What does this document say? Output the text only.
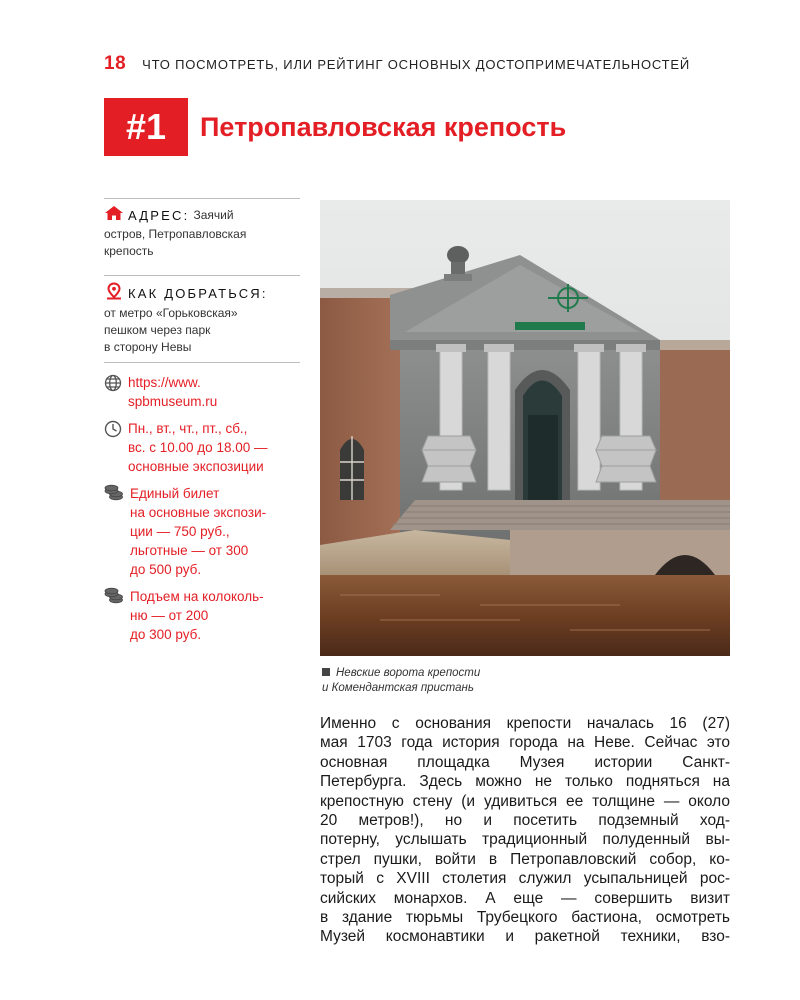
18 ЧТО ПОСМОТРЕТЬ, ИЛИ РЕЙТИНГ ОСНОВНЫХ ДОСТОПРИМЕЧАТЕЛЬНОСТЕЙ
#1	Петропавловская крепость
АДРЕС: Заячий
остров, Петропавловская
крепость
КАК ДОБРАТЬСЯ:
от метро «Горьковская»
пешком через парк
в сторону Невы
https://www.
spbmuseum.ru
Пн., вт., чт., пт., сб.,
вс. с 10.00 до 18.00 —
основные экспозиции
Единый билет
на основные экспози-
ции — 750 руб.,
льготные — от 300
до 500 руб.
Подъем на колоколь-
ню — от 200
до 300 руб.
Невские ворота крепости
и Комендантская пристань
Именно с основания крепости началась 16 (27)
мая 1703 года история города на Неве. Сейчас это
основная площадка Музея истории Санкт-
Петербурга. Здесь можно не только подняться на
крепостную стену (и удивиться ее толщине — около
20 метров!), но и посетить подземный ход-
потерну, услышать традиционный полуденный вы-
стрел пушки, войти в Петропавловский собор, ко-
торый с XVIII столетия служил усыпальницей рос-
сийских монархов. А еще — совершить визит
в здание тюрьмы Трубецкого бастиона, осмотреть
Музей космонавтики и ракетной техники, взо-
